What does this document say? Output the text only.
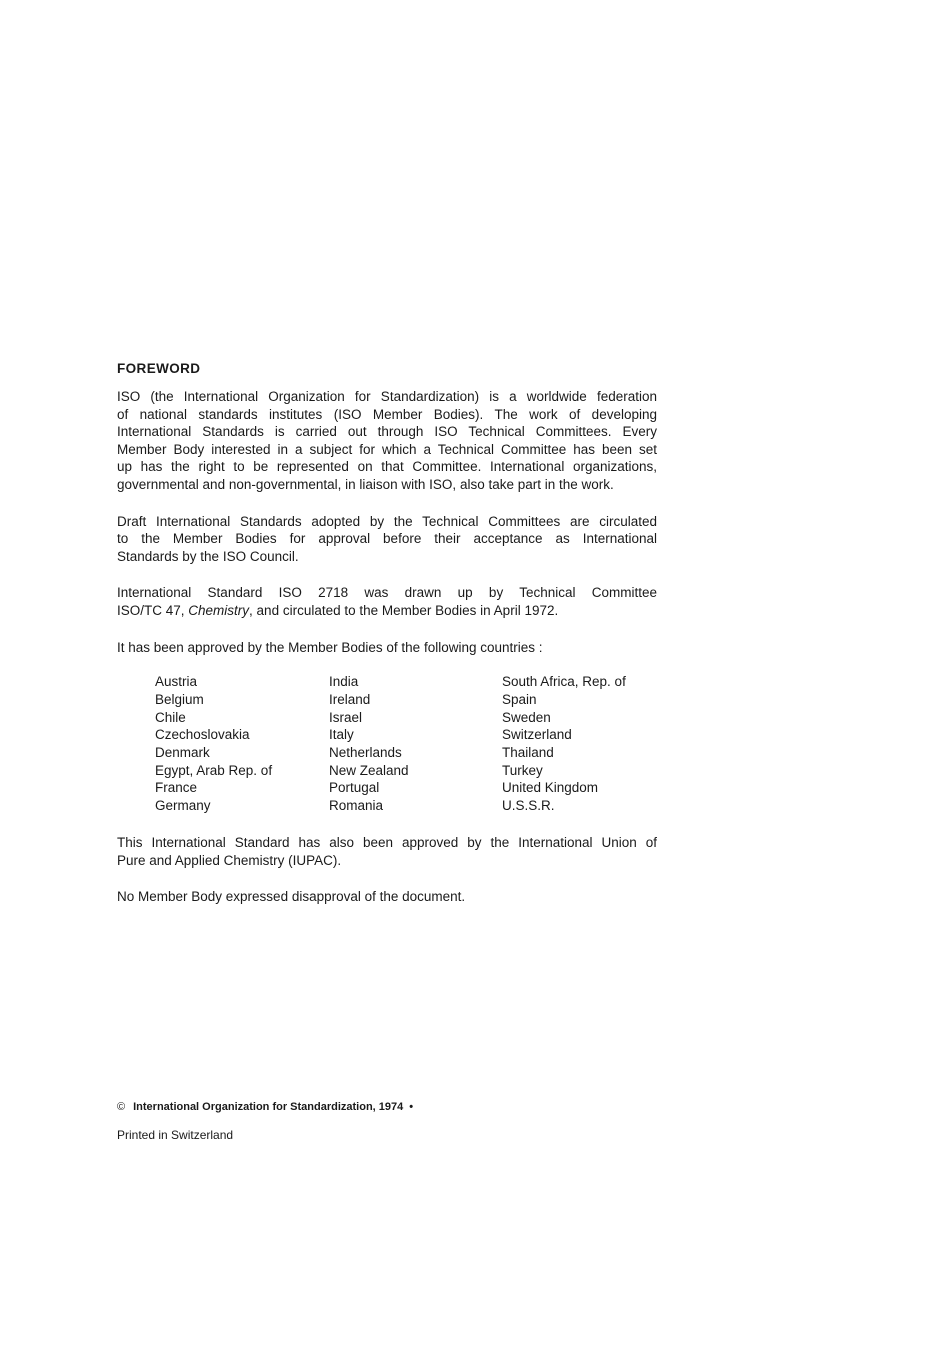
FOREWORD
ISO (the International Organization for Standardization) is a worldwide federation
of national standards institutes (ISO Member Bodies). The work of developing
International Standards is carried out through ISO Technical Committees. Every
Member Body interested in a subject for which a Technical Committee has been set
up has the right to be represented on that Committee. International organizations,
governmental and non-governmental, in liaison with ISO, also take part in the work.
Draft International Standards adopted by the Technical Committees are circulated
to the Member Bodies for approval before their acceptance as International
Standards by the ISO Council.
International Standard ISO 2718 was drawn up by Technical Committee
ISO/TC 47, Chemistry, and circulated to the Member Bodies in April 1972.
It has been approved by the Member Bodies of the following countries :
Austria
Belgium
Chile
Czechoslovakia
Denmark
Egypt, Arab Rep. of
France
Germany
India
Ireland
Israel
Italy
Netherlands
New Zealand
Portugal
Romania
South Africa, Rep. of
Spain
Sweden
Switzerland
Thailand
Turkey
United Kingdom
U.S.S.R.
This International Standard has also been approved by the International Union of
Pure and Applied Chemistry (IUPAC).
No Member Body expressed disapproval of the document.
© International Organization for Standardization, 1974 •
Printed in Switzerland
